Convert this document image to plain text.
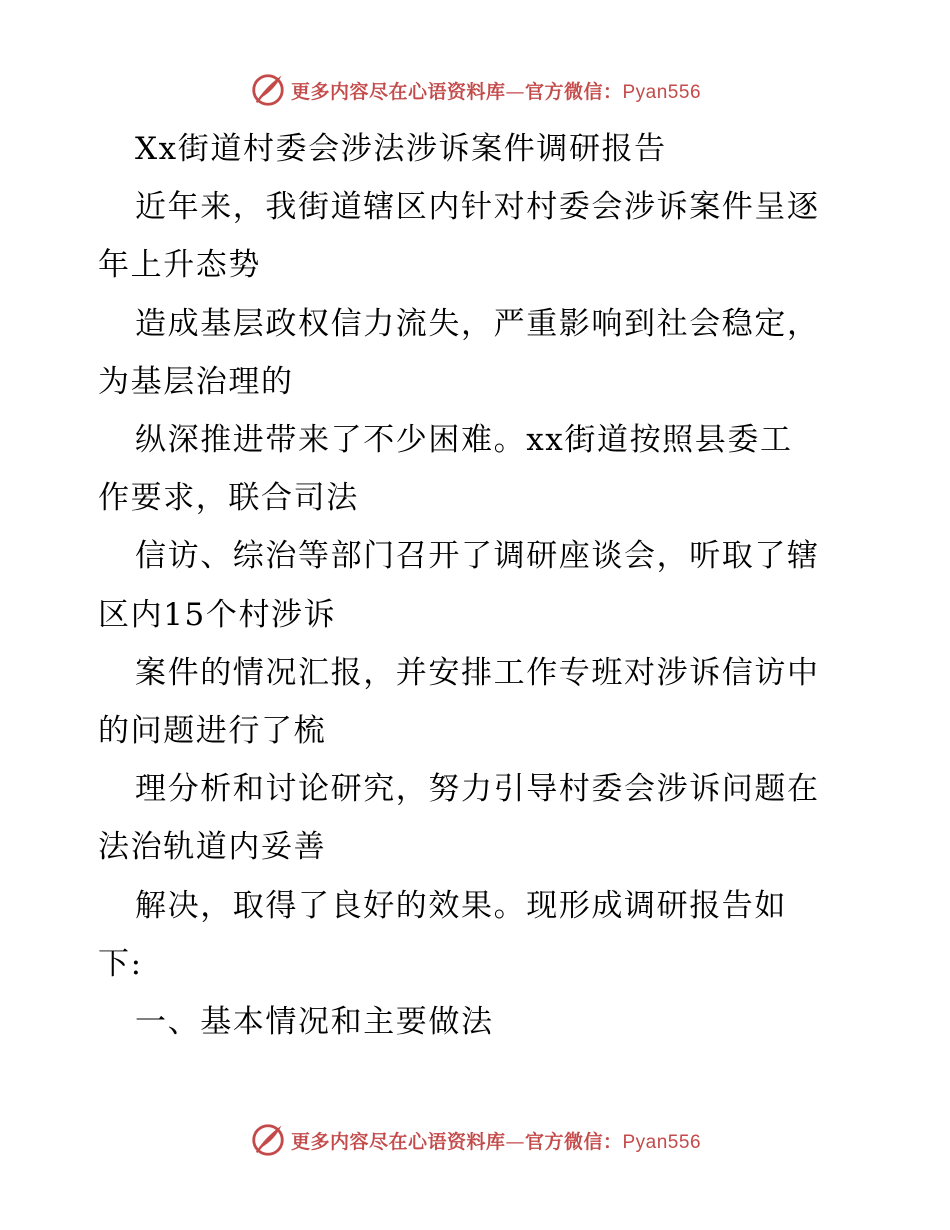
更多内容尽在心语资料库—官方微信：Pyan556

Xx街道村委会涉法涉诉案件调研报告

近年来，我街道辖区内针对村委会涉诉案件呈逐

年上升态势

造成基层政权信力流失，严重影响到社会稳定，

为基层治理的

纵深推进带来了不少困难。xx街道按照县委工

作要求，联合司法

信访、综治等部门召开了调研座谈会，听取了辖

区内15个村涉诉

案件的情况汇报，并安排工作专班对涉诉信访中

的问题进行了梳

理分析和讨论研究，努力引导村委会涉诉问题在

法治轨道内妥善

解决，取得了良好的效果。现形成调研报告如

下:

一、基本情况和主要做法

更多内容尽在心语资料库—官方微信：Pyan556
